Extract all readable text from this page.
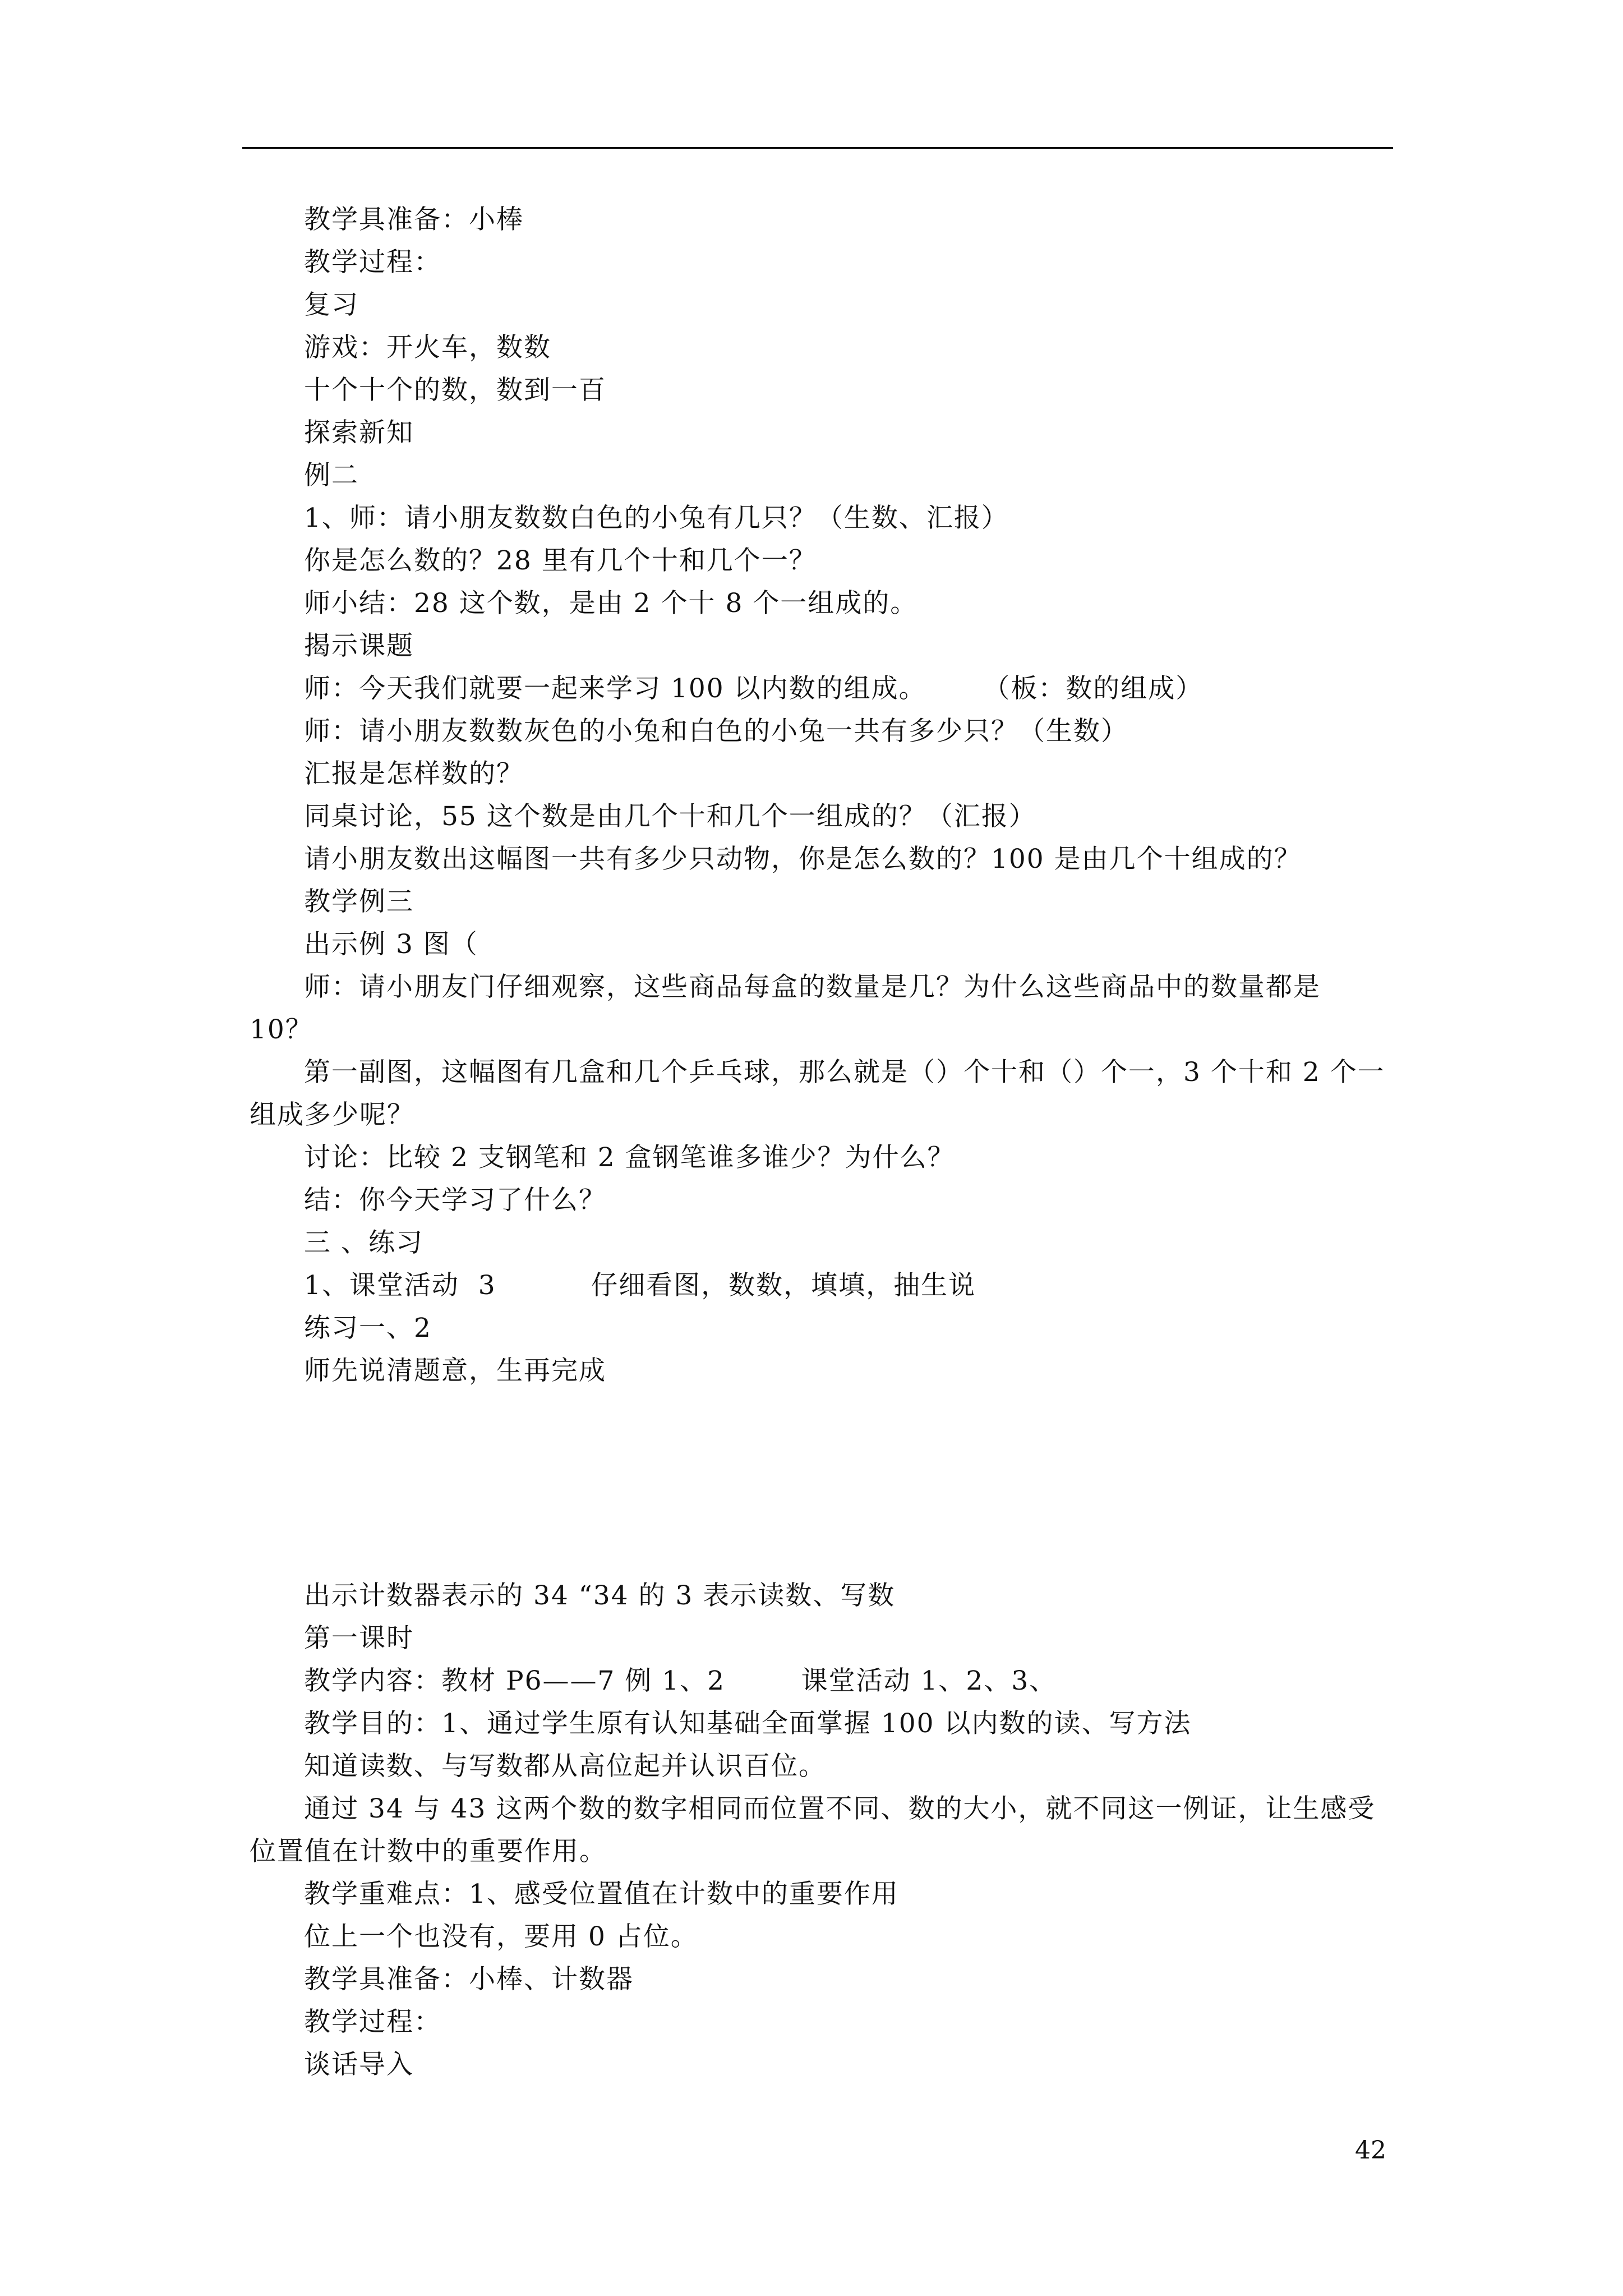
教学具准备：小棒
教学过程：
复习
游戏：开火车，数数
十个十个的数，数到一百
探索新知
例二
1、师：请小朋友数数白色的小兔有几只？（生数、汇报）
你是怎么数的？28 里有几个十和几个一？
师小结：28 这个数，是由 2 个十 8 个一组成的。
揭示课题
师：今天我们就要一起来学习 100 以内数的组成。      （板：数的组成）
师：请小朋友数数灰色的小兔和白色的小兔一共有多少只？（生数）
汇报是怎样数的？
同桌讨论，55 这个数是由几个十和几个一组成的？（汇报）
请小朋友数出这幅图一共有多少只动物，你是怎么数的？100 是由几个十组成的？
教学例三
出示例 3 图（
师：请小朋友门仔细观察，这些商品每盒的数量是几？为什么这些商品中的数量都是 10？
第一副图，这幅图有几盒和几个乒乓球，那么就是（）个十和（）个一，3 个十和 2 个一组成多少呢？
讨论：比较 2 支钢笔和 2 盒钢笔谁多谁少？为什么？
结：你今天学习了什么？
三 、练习
1、课堂活动  3          仔细看图，数数，填填，抽生说
练习一、2
师先说清题意，生再完成
出示计数器表示的 34 “34 的 3 表示读数、写数
第一课时
教学内容：教材 P6——7 例 1、2        课堂活动 1、2、3、
教学目的：1、通过学生原有认知基础全面掌握 100 以内数的读、写方法
知道读数、与写数都从高位起并认识百位。
通过 34 与 43 这两个数的数字相同而位置不同、数的大小，就不同这一例证，让生感受位置值在计数中的重要作用。
教学重难点：1、感受位置值在计数中的重要作用
位上一个也没有，要用 0 占位。
教学具准备：小棒、计数器
教学过程：
谈话导入
42
